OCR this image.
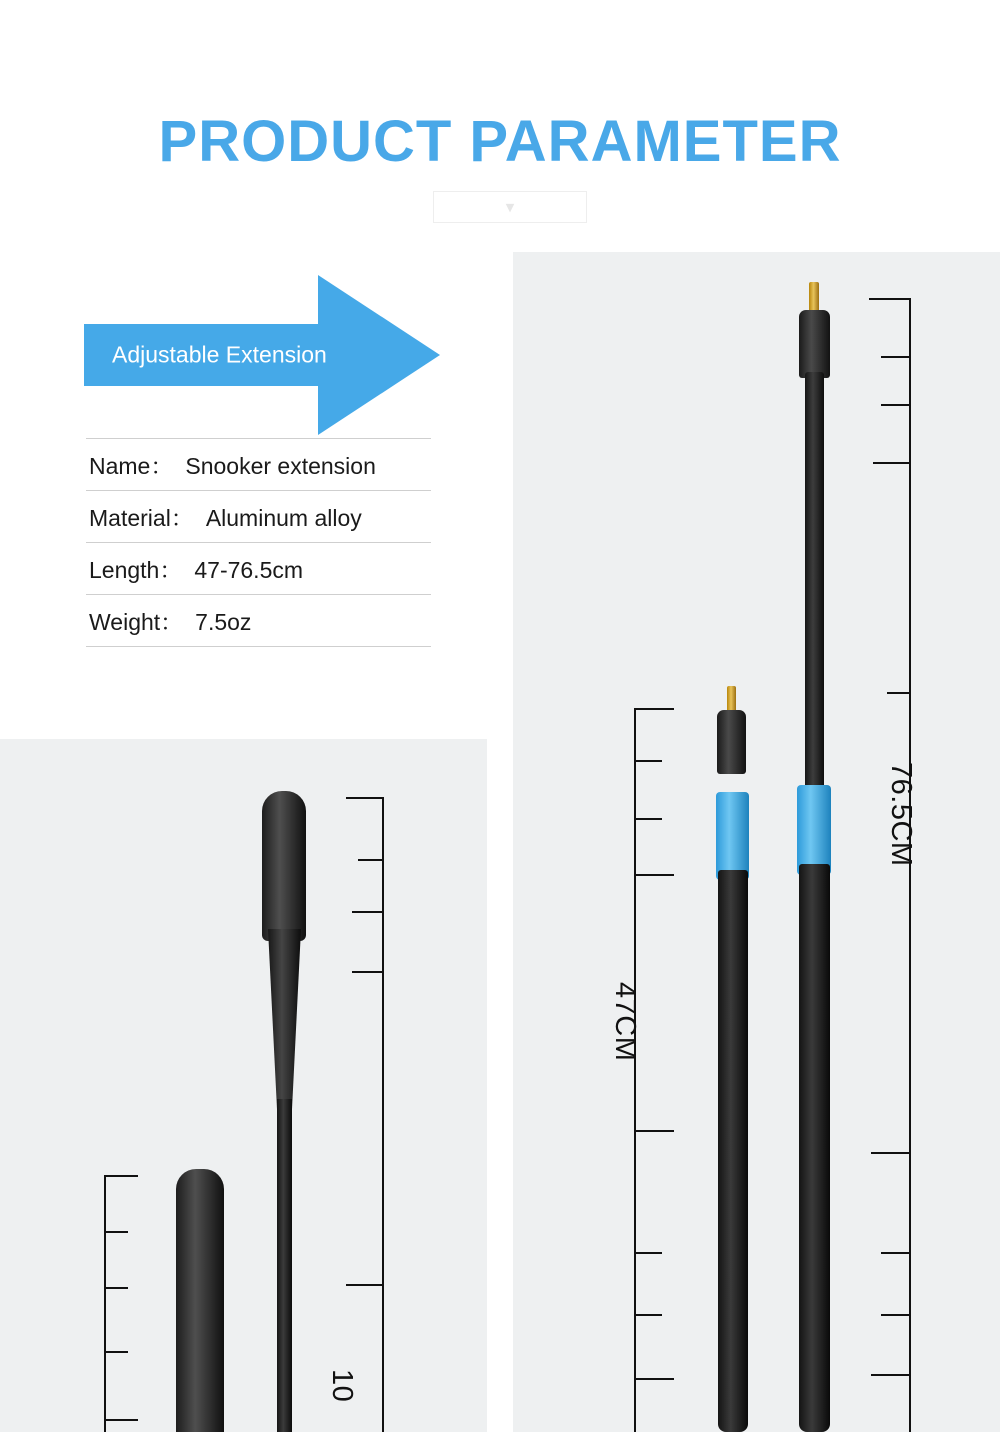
PRODUCT PARAMETER
▾
Adjustable Extension
Name： Snooker extension
Material： Aluminum alloy
Length： 47-76.5cm
Weight： 7.5oz
76.5CM
47CM
10
